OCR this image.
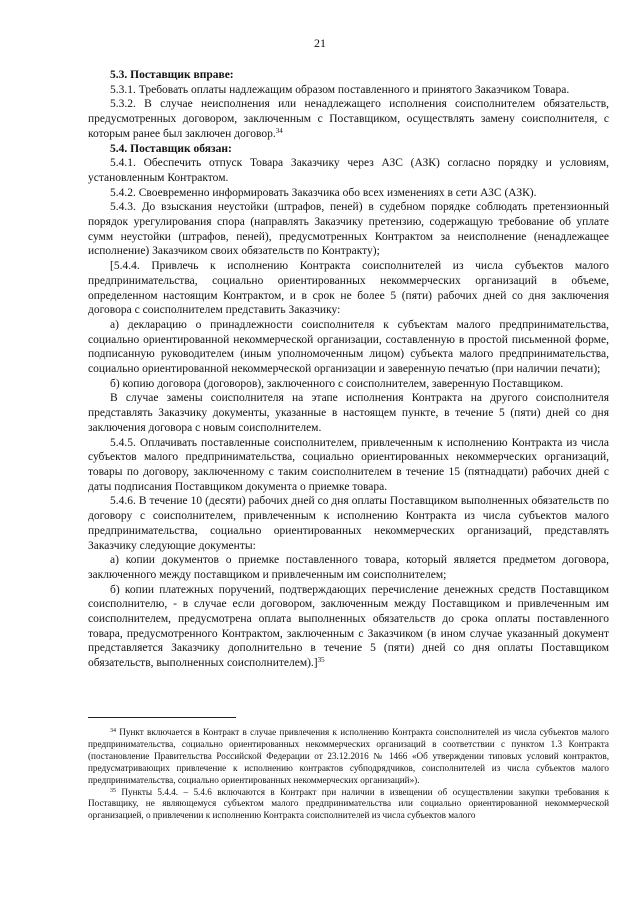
21

5.3. Поставщик вправе:

5.3.1. Требовать оплаты надлежащим образом поставленного и принятого Заказчиком Товара.

5.3.2. В случае неисполнения или ненадлежащего исполнения соисполнителем обязательств, предусмотренных договором, заключенным с Поставщиком, осуществлять замену соисполнителя, с которым ранее был заключен договор.$^{34}$

5.4. Поставщик обязан:

5.4.1. Обеспечить отпуск Товара Заказчику через АЗС (АЗК) согласно порядку и условиям, установленным Контрактом.

5.4.2. Своевременно информировать Заказчика обо всех изменениях в сети АЗС (АЗК).

5.4.3. До взыскания неустойки (штрафов, пеней) в судебном порядке соблюдать претензионный порядок урегулирования спора (направлять Заказчику претензию, содержащую требование об уплате сумм неустойки (штрафов, пеней), предусмотренных Контрактом за неисполнение (ненадлежащее исполнение) Заказчиком своих обязательств по Контракту);

[5.4.4. Привлечь к исполнению Контракта соисполнителей из числа субъектов малого предпринимательства, социально ориентированных некоммерческих организаций в объеме, определенном настоящим Контрактом, и в срок не более 5 (пяти) рабочих дней со дня заключения договора с соисполнителем представить Заказчику:

а) декларацию о принадлежности соисполнителя к субъектам малого предпринимательства, социально ориентированной некоммерческой организации, составленную в простой письменной форме, подписанную руководителем (иным уполномоченным лицом) субъекта малого предпринимательства, социально ориентированной некоммерческой организации и заверенную печатью (при наличии печати);

б) копию договора (договоров), заключенного с соисполнителем, заверенную Поставщиком.

В случае замены соисполнителя на этапе исполнения Контракта на другого соисполнителя представлять Заказчику документы, указанные в настоящем пункте, в течение 5 (пяти) дней со дня заключения договора с новым соисполнителем.

5.4.5. Оплачивать поставленные соисполнителем, привлеченным к исполнению Контракта из числа субъектов малого предпринимательства, социально ориентированных некоммерческих организаций, товары по договору, заключенному с таким соисполнителем в течение 15 (пятнадцати) рабочих дней с даты подписания Поставщиком документа о приемке товара.

5.4.6. В течение 10 (десяти) рабочих дней со дня оплаты Поставщиком выполненных обязательств по договору с соисполнителем, привлеченным к исполнению Контракта из числа субъектов малого предпринимательства, социально ориентированных некоммерческих организаций, представлять Заказчику следующие документы:

а) копии документов о приемке поставленного товара, который является предметом договора, заключенного между поставщиком и привлеченным им соисполнителем;

б) копии платежных поручений, подтверждающих перечисление денежных средств Поставщиком соисполнителю, - в случае если договором, заключенным между Поставщиком и привлеченным им соисполнителем, предусмотрена оплата выполненных обязательств до срока оплаты поставленного товара, предусмотренного Контрактом, заключенным с Заказчиком (в ином случае указанный документ представляется Заказчику дополнительно в течение 5 (пяти) дней со дня оплаты Поставщиком обязательств, выполненных соисполнителем).]$^{35}$

$^{34}$ Пункт включается в Контракт в случае привлечения к исполнению Контракта соисполнителей из числа субъектов малого предпринимательства, социально ориентированных некоммерческих организаций в соответствии с пунктом 1.3 Контракта (постановление Правительства Российской Федерации от 23.12.2016 № 1466 «Об утверждении типовых условий контрактов, предусматривающих привлечение к исполнению контрактов субподрядчиков, соисполнителей из числа субъектов малого предпринимательства, социально ориентированных некоммерческих организаций»).

$^{35}$ Пункты 5.4.4. – 5.4.6 включаются в Контракт при наличии в извещении об осуществлении закупки требования к Поставщику, не являющемуся субъектом малого предпринимательства или социально ориентированной некоммерческой организацией, о привлечении к исполнению Контракта соисполнителей из числа субъектов малого
